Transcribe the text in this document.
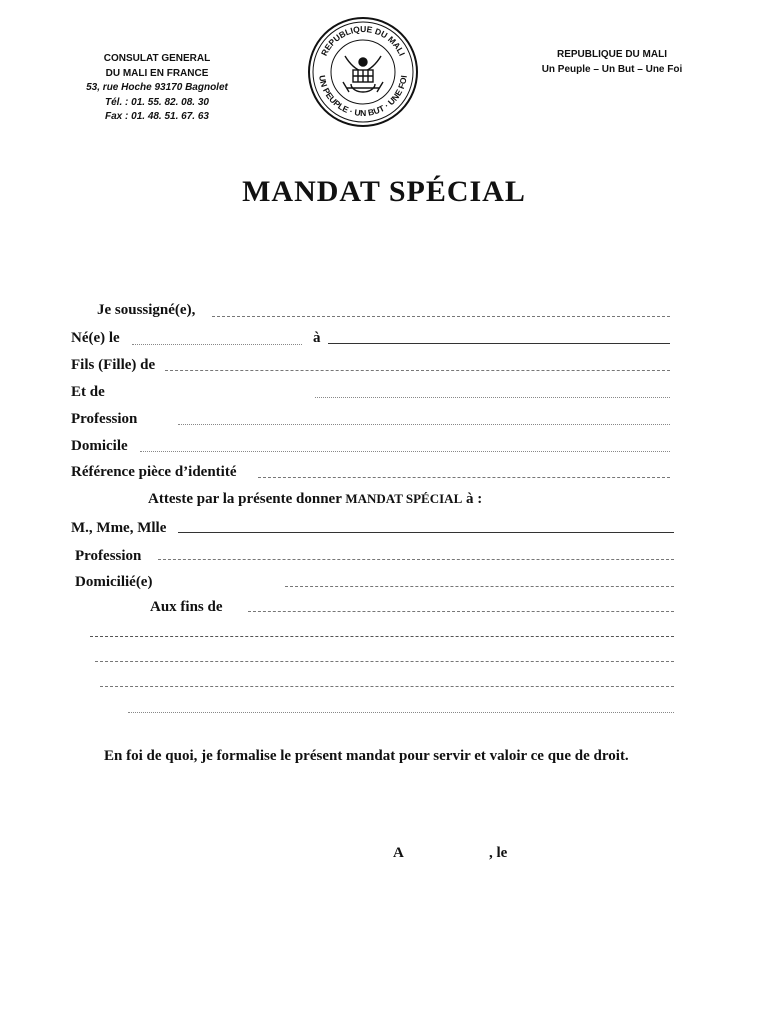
CONSULAT GENERAL
DU MALI EN FRANCE
53, rue Hoche 93170 Bagnolet
Tél. : 01. 55. 82. 08. 30
Fax : 01. 48. 51. 67. 63
REPUBLIQUE DU MALI
UN PEUPLE · UN BUT · UNE FOI
REPUBLIQUE DU MALI
Un Peuple – Un But – Une Foi
MANDAT SPÉCIAL
Je soussigné(e),
Né(e) le	à
Fils (Fille) de
Et de
Profession
Domicile
Référence pièce d’identité
Atteste par la présente donner MANDAT SPÉCIAL à :
M., Mme, Mlle
Profession
Domicilié(e)
Aux fins de
En foi de quoi, je formalise le présent mandat pour servir et valoir ce que de droit.
A	, le
